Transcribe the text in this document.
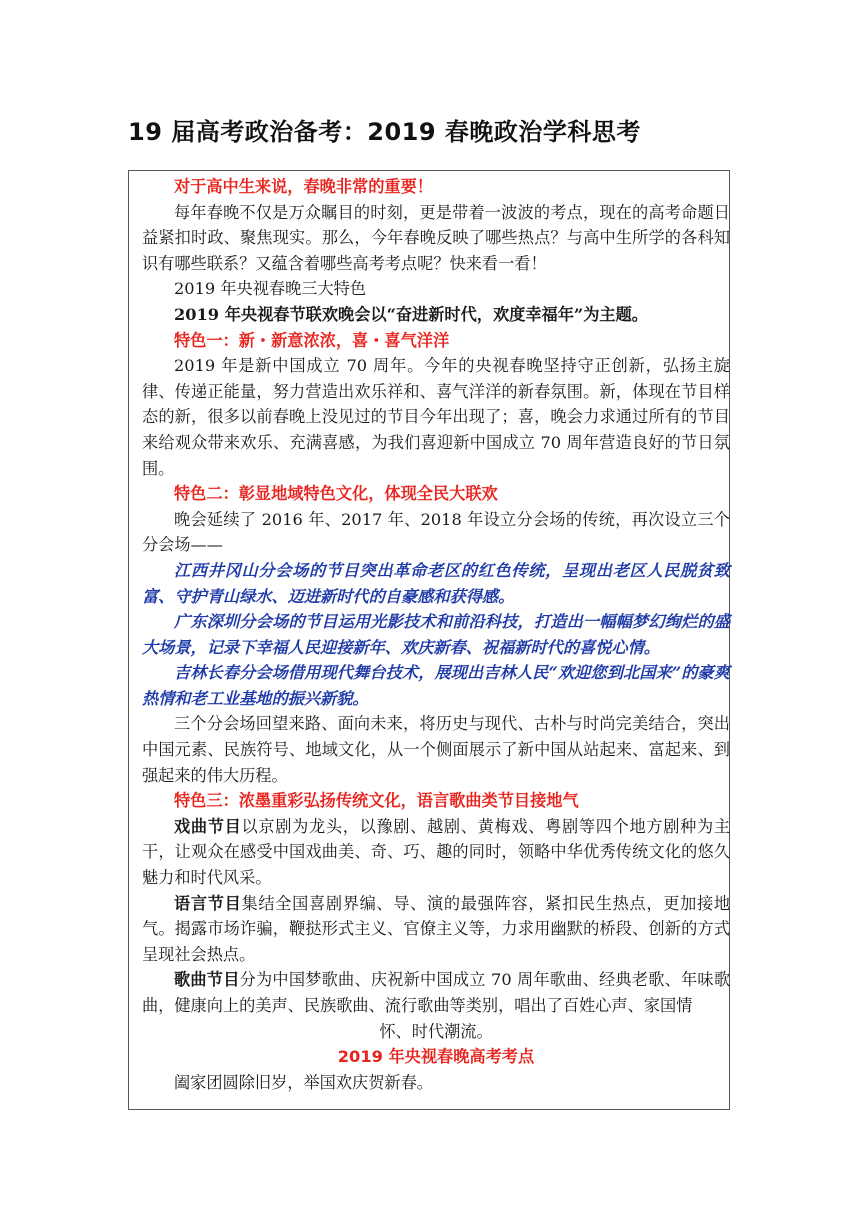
19 届高考政治备考：2019 春晚政治学科思考

对于高中生来说，春晚非常的重要！

每年春晚不仅是万众瞩目的时刻，更是带着一波波的考点，现在的高考命题日益紧扣时政、聚焦现实。那么，今年春晚反映了哪些热点？与高中生所学的各科知识有哪些联系？又蕴含着哪些高考考点呢？快来看一看！

2019 年央视春晚三大特色

2019 年央视春节联欢晚会以“奋进新时代，欢度幸福年”为主题。

特色一：新・新意浓浓，喜・喜气洋洋

2019 年是新中国成立 70 周年。今年的央视春晚坚持守正创新，弘扬主旋律、传递正能量，努力营造出欢乐祥和、喜气洋洋的新春氛围。新，体现在节目样态的新，很多以前春晚上没见过的节目今年出现了；喜，晚会力求通过所有的节目来给观众带来欢乐、充满喜感，为我们喜迎新中国成立 70 周年营造良好的节日氛围。

特色二：彰显地域特色文化，体现全民大联欢

晚会延续了 2016 年、2017 年、2018 年设立分会场的传统，再次设立三个分会场——

江西井冈山分会场的节目突出革命老区的红色传统，呈现出老区人民脱贫致富、守护青山绿水、迈进新时代的自豪感和获得感。

广东深圳分会场的节目运用光影技术和前沿科技，打造出一幅幅梦幻绚烂的盛大场景，记录下幸福人民迎接新年、欢庆新春、祝福新时代的喜悦心情。

吉林长春分会场借用现代舞台技术，展现出吉林人民“欢迎您到北国来”的豪爽热情和老工业基地的振兴新貌。

三个分会场回望来路、面向未来，将历史与现代、古朴与时尚完美结合，突出中国元素、民族符号、地域文化，从一个侧面展示了新中国从站起来、富起来、到强起来的伟大历程。

特色三：浓墨重彩弘扬传统文化，语言歌曲类节目接地气

戏曲节目以京剧为龙头，以豫剧、越剧、黄梅戏、粤剧等四个地方剧种为主干，让观众在感受中国戏曲美、奇、巧、趣的同时，领略中华优秀传统文化的悠久魅力和时代风采。

语言节目集结全国喜剧界编、导、演的最强阵容，紧扣民生热点，更加接地气。揭露市场诈骗，鞭挞形式主义、官僚主义等，力求用幽默的桥段、创新的方式呈现社会热点。

歌曲节目分为中国梦歌曲、庆祝新中国成立 70 周年歌曲、经典老歌、年味歌曲，健康向上的美声、民族歌曲、流行歌曲等类别，唱出了百姓心声、家国情

怀、时代潮流。

2019 年央视春晚高考考点

阖家团圆除旧岁，举国欢庆贺新春。
